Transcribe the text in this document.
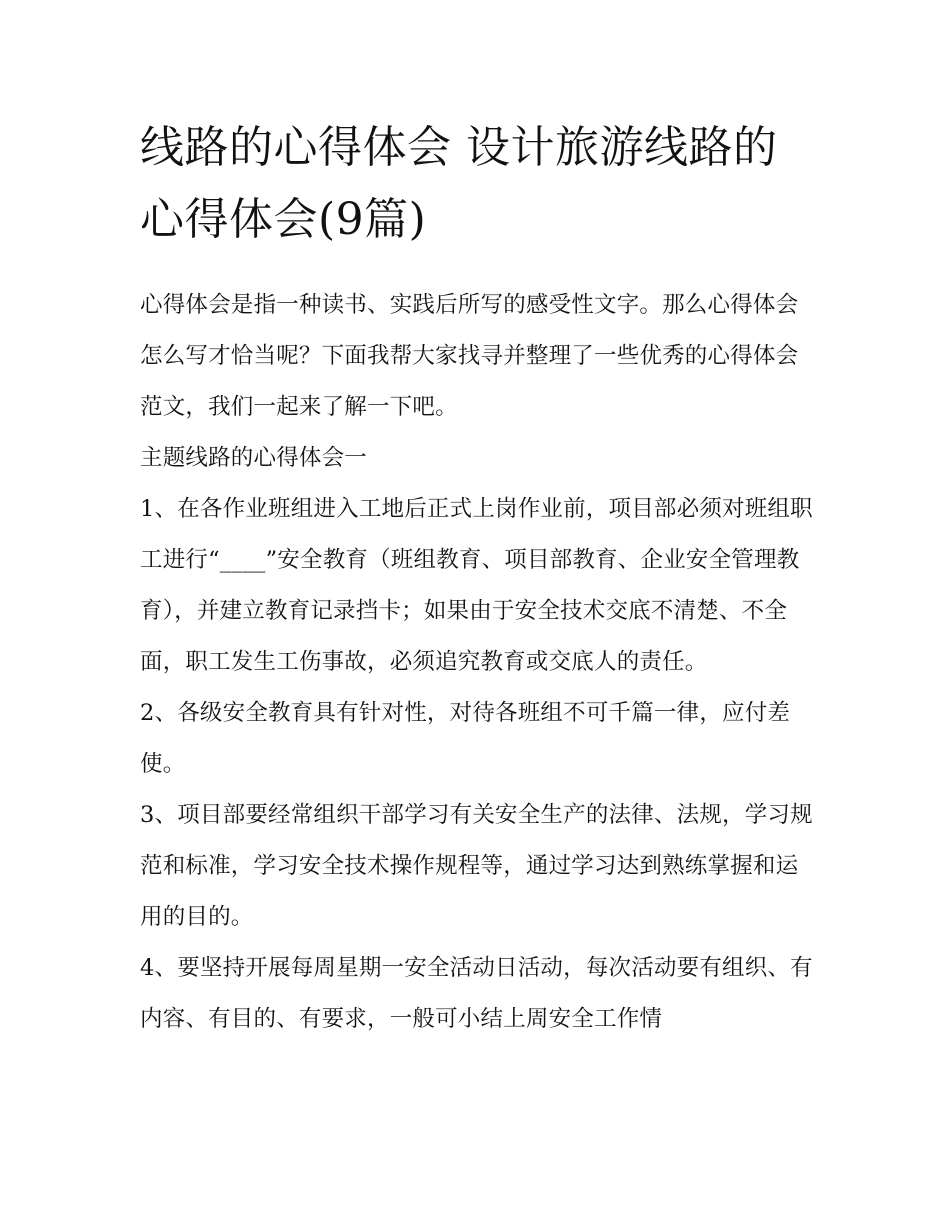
线路的心得体会 设计旅游线路的心得体会(9篇)

心得体会是指一种读书、实践后所写的感受性文字。那么心得体会怎么写才恰当呢？下面我帮大家找寻并整理了一些优秀的心得体会范文，我们一起来了解一下吧。

主题线路的心得体会一

1、在各作业班组进入工地后正式上岗作业前，项目部必须对班组职工进行“____”安全教育（班组教育、项目部教育、企业安全管理教育），并建立教育记录挡卡；如果由于安全技术交底不清楚、不全面，职工发生工伤事故，必须追究教育或交底人的责任。

2、各级安全教育具有针对性，对待各班组不可千篇一律，应付差使。

3、项目部要经常组织干部学习有关安全生产的法律、法规，学习规范和标准，学习安全技术操作规程等，通过学习达到熟练掌握和运用的目的。

4、要坚持开展每周星期一安全活动日活动，每次活动要有组织、有内容、有目的、有要求，一般可小结上周安全工作情
